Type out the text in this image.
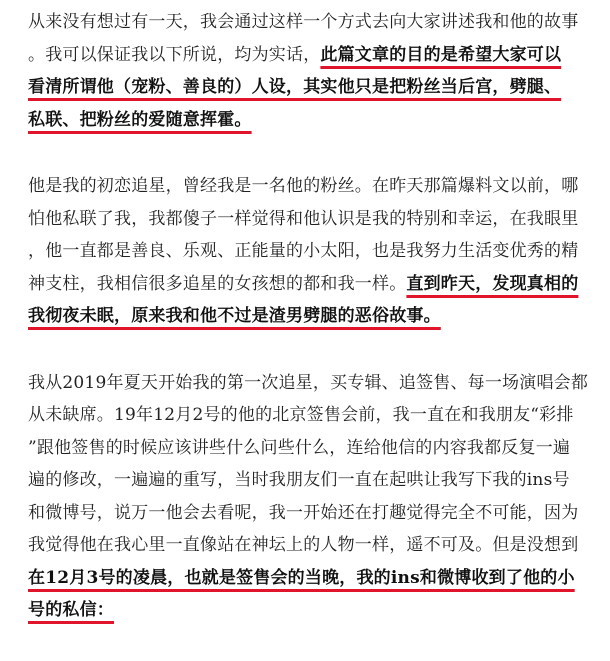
从来没有想过有一天，我会通过这样一个方式去向大家讲述我和他的故事
。我可以保证我以下所说，均为实话，此篇文章的目的是希望大家可以
看清所谓他（宠粉、善良的）人设，其实他只是把粉丝当后宫，劈腿、
私联、把粉丝的爱随意挥霍。
他是我的初恋追星，曾经我是一名他的粉丝。在昨天那篇爆料文以前，哪
怕他私联了我，我都傻子一样觉得和他认识是我的特别和幸运，在我眼里
，他一直都是善良、乐观、正能量的小太阳，也是我努力生活变优秀的精
神支柱，我相信很多追星的女孩想的都和我一样。直到昨天，发现真相的
我彻夜未眠，原来我和他不过是渣男劈腿的恶俗故事。
我从2019年夏天开始我的第一次追星，买专辑、追签售、每一场演唱会都
从未缺席。19年12月2号的他的北京签售会前，我一直在和我朋友“彩排
”跟他签售的时候应该讲些什么问些什么，连给他信的内容我都反复一遍
遍的修改，一遍遍的重写，当时我朋友们一直在起哄让我写下我的ins号
和微博号，说万一他会去看呢，我一开始还在打趣觉得完全不可能，因为
我觉得他在我心里一直像站在神坛上的人物一样，遥不可及。但是没想到
在12月3号的凌晨，也就是签售会的当晚，我的ins和微博收到了他的小
号的私信：
